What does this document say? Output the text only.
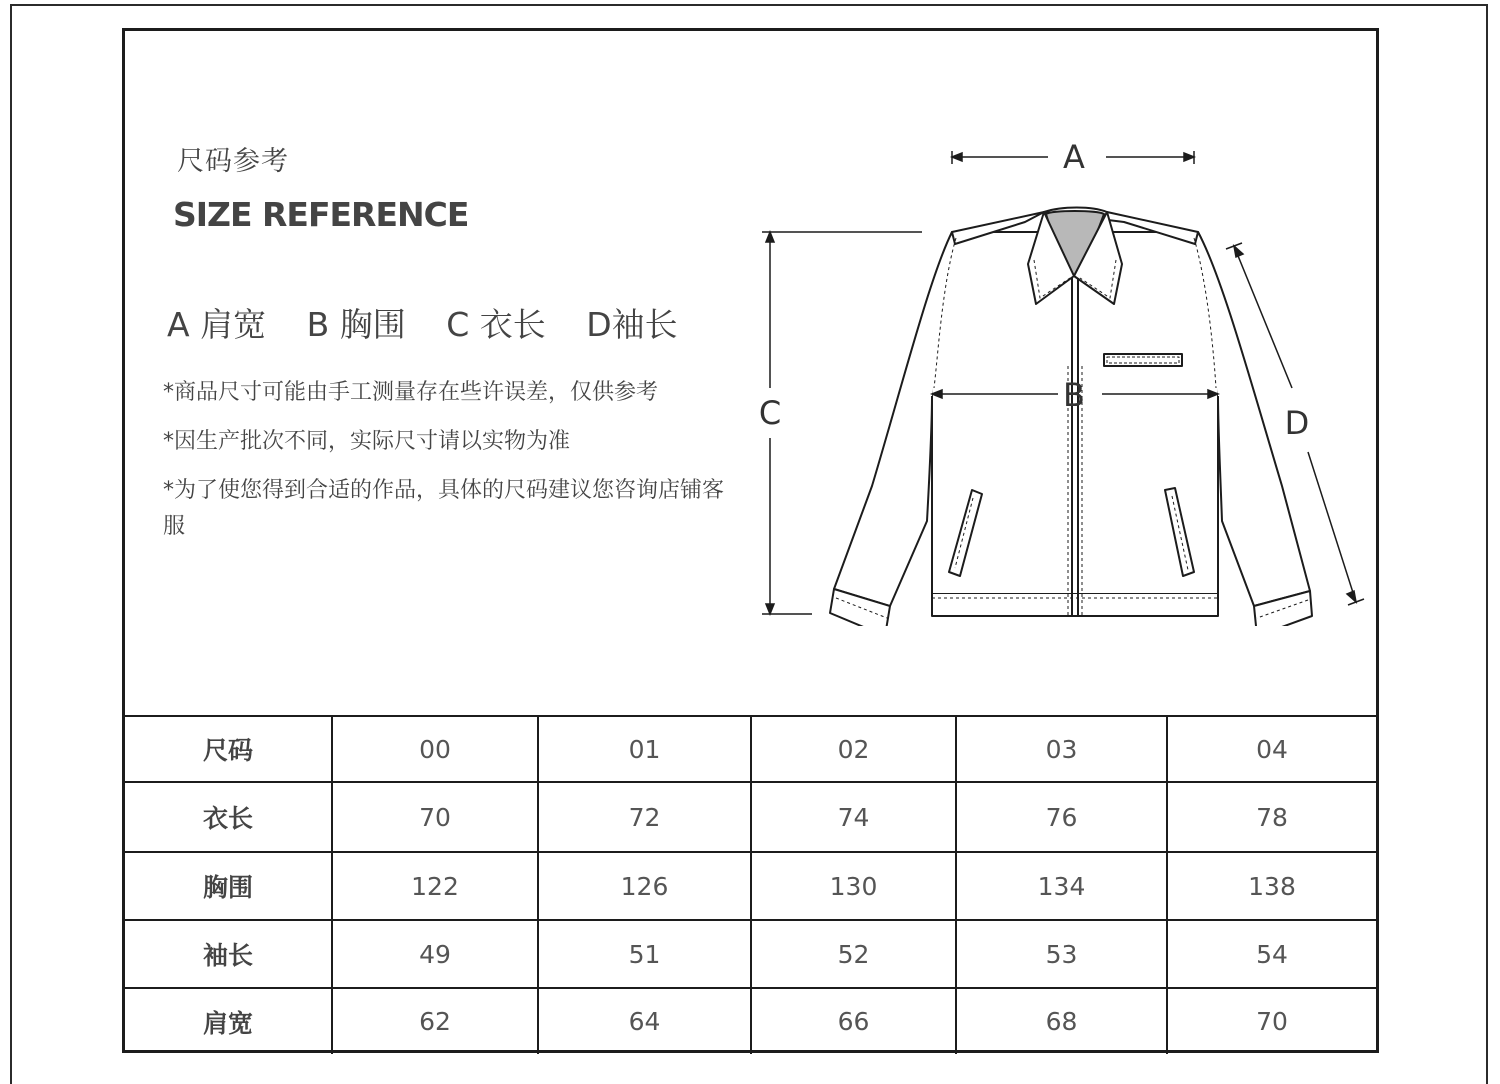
尺码参考
SIZE REFERENCE
A 肩宽 B 胸围 C 衣长 D袖长
*商品尺寸可能由手工测量存在些许误差，仅供参考
*因生产批次不同，实际尺寸请以实物为准
*为了使您得到合适的作品，具体的尺码建议您咨询店铺客服
A
B
C	D
尺码	00	01	02	03	04
衣长	70	72	74	76	78
胸围	122	126	130	134	138
袖长	49	51	52	53	54
肩宽	62	64	66	68	70
